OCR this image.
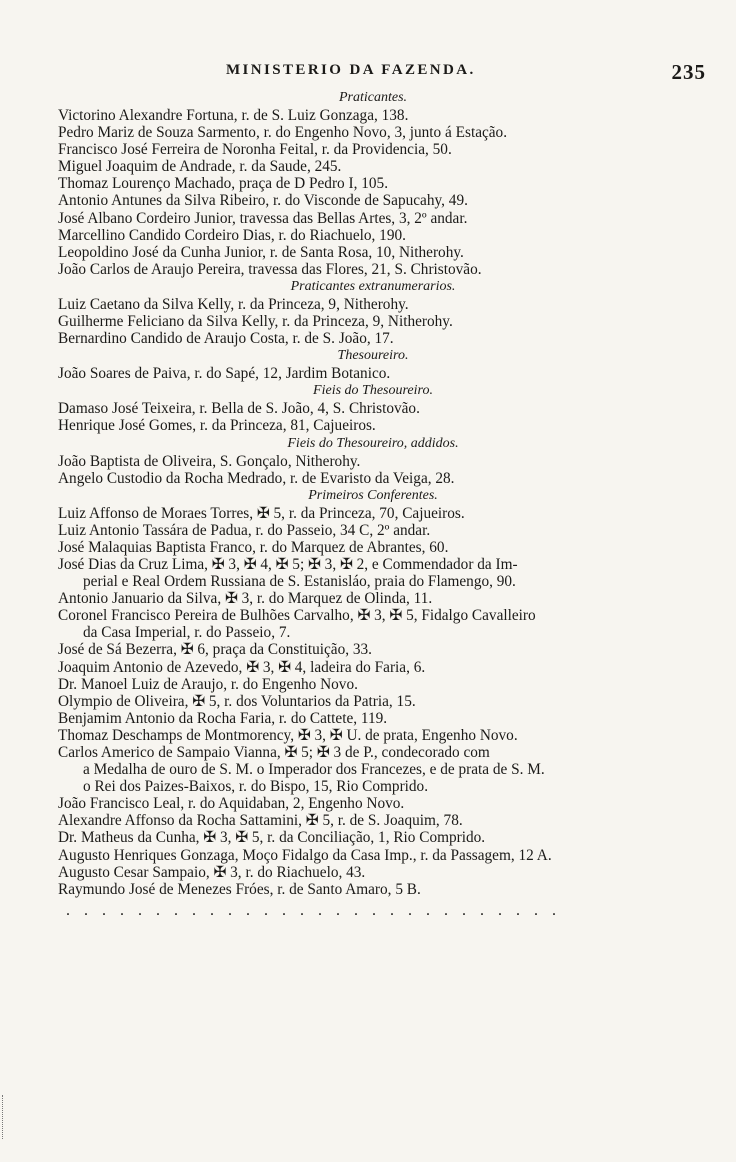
MINISTERIO DA FAZENDA.	235
Praticantes.
Victorino Alexandre Fortuna, r. de S. Luiz Gonzaga, 138.
Pedro Mariz de Souza Sarmento, r. do Engenho Novo, 3, junto á Estação.
Francisco José Ferreira de Noronha Feital, r. da Providencia, 50.
Miguel Joaquim de Andrade, r. da Saude, 245.
Thomaz Lourenço Machado, praça de D Pedro I, 105.
Antonio Antunes da Silva Ribeiro, r. do Visconde de Sapucahy, 49.
José Albano Cordeiro Junior, travessa das Bellas Artes, 3, 2º andar.
Marcellino Candido Cordeiro Dias, r. do Riachuelo, 190.
Leopoldino José da Cunha Junior, r. de Santa Rosa, 10, Nitherohy.
João Carlos de Araujo Pereira, travessa das Flores, 21, S. Christovão.
Praticantes extranumerarios.
Luiz Caetano da Silva Kelly, r. da Princeza, 9, Nitherohy.
Guilherme Feliciano da Silva Kelly, r. da Princeza, 9, Nitherohy.
Bernardino Candido de Araujo Costa, r. de S. João, 17.
Thesoureiro.
João Soares de Paiva, r. do Sapé, 12, Jardim Botanico.
Fieis do Thesoureiro.
Damaso José Teixeira, r. Bella de S. João, 4, S. Christovão.
Henrique José Gomes, r. da Princeza, 81, Cajueiros.
Fieis do Thesoureiro, addidos.
João Baptista de Oliveira, S. Gonçalo, Nitherohy.
Angelo Custodio da Rocha Medrado, r. de Evaristo da Veiga, 28.
Primeiros Conferentes.
Luiz Affonso de Moraes Torres, ✠ 5, r. da Princeza, 70, Cajueiros.
Luiz Antonio Tassára de Padua, r. do Passeio, 34 C, 2º andar.
José Malaquias Baptista Franco, r. do Marquez de Abrantes, 60.
José Dias da Cruz Lima, ✠ 3, ✠ 4, ✠ 5; ✠ 3, ✠ 2, e Commendador da Im-
perial e Real Ordem Russiana de S. Estanisláo, praia do Flamengo, 90.
Antonio Januario da Silva, ✠ 3, r. do Marquez de Olinda, 11.
Coronel Francisco Pereira de Bulhões Carvalho, ✠ 3, ✠ 5, Fidalgo Cavalleiro
da Casa Imperial, r. do Passeio, 7.
José de Sá Bezerra, ✠ 6, praça da Constituição, 33.
Joaquim Antonio de Azevedo, ✠ 3, ✠ 4, ladeira do Faria, 6.
Dr. Manoel Luiz de Araujo, r. do Engenho Novo.
Olympio de Oliveira, ✠ 5, r. dos Voluntarios da Patria, 15.
Benjamim Antonio da Rocha Faria, r. do Cattete, 119.
Thomaz Deschamps de Montmorency, ✠ 3, ✠ U. de prata, Engenho Novo.
Carlos Americo de Sampaio Vianna, ✠ 5; ✠ 3 de P., condecorado com
a Medalha de ouro de S. M. o Imperador dos Francezes, e de prata de S. M.
o Rei dos Paizes-Baixos, r. do Bispo, 15, Rio Comprido.
João Francisco Leal, r. do Aquidaban, 2, Engenho Novo.
Alexandre Affonso da Rocha Sattamini, ✠ 5, r. de S. Joaquim, 78.
Dr. Matheus da Cunha, ✠ 3, ✠ 5, r. da Conciliação, 1, Rio Comprido.
Augusto Henriques Gonzaga, Moço Fidalgo da Casa Imp., r. da Passagem, 12 A.
Augusto Cesar Sampaio, ✠ 3, r. do Riachuelo, 43.
Raymundo José de Menezes Fróes, r. de Santo Amaro, 5 B.
............................
